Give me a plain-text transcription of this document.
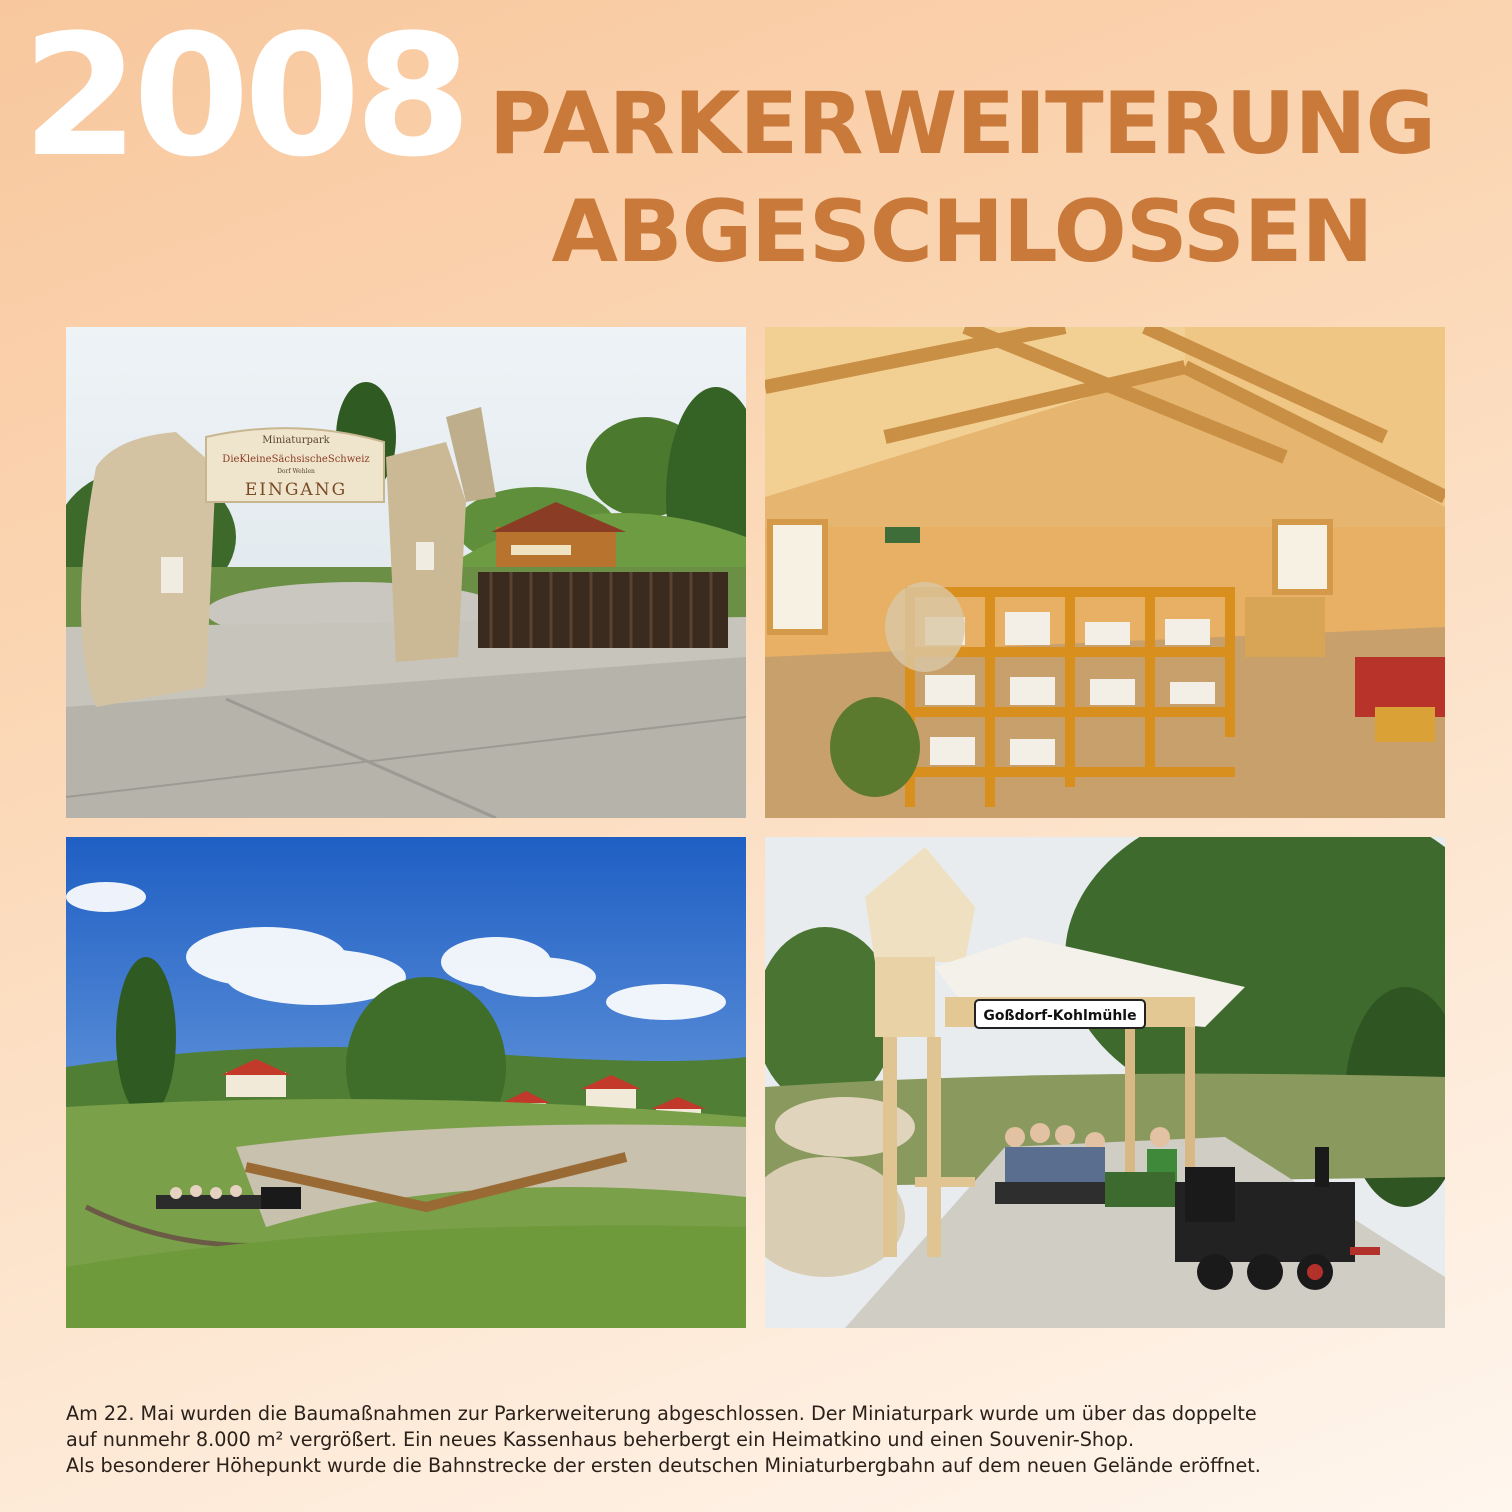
2008 PARKERWEITERUNG
ABGESCHLOSSEN
Miniaturpark
DieKleineSächsischeSchweiz
Dorf Wehlen
EINGANG
Goßdorf-Kohlmühle

Am 22. Mai wurden die Baumaßnahmen zur Parkerweiterung abgeschlossen. Der Miniaturpark wurde um über das doppelte

auf nunmehr 8.000 m² vergrößert. Ein neues Kassenhaus beherbergt ein Heimatkino und einen Souvenir-Shop.

Als besonderer Höhepunkt wurde die Bahnstrecke der ersten deutschen Miniaturbergbahn auf dem neuen Gelände eröffnet.
